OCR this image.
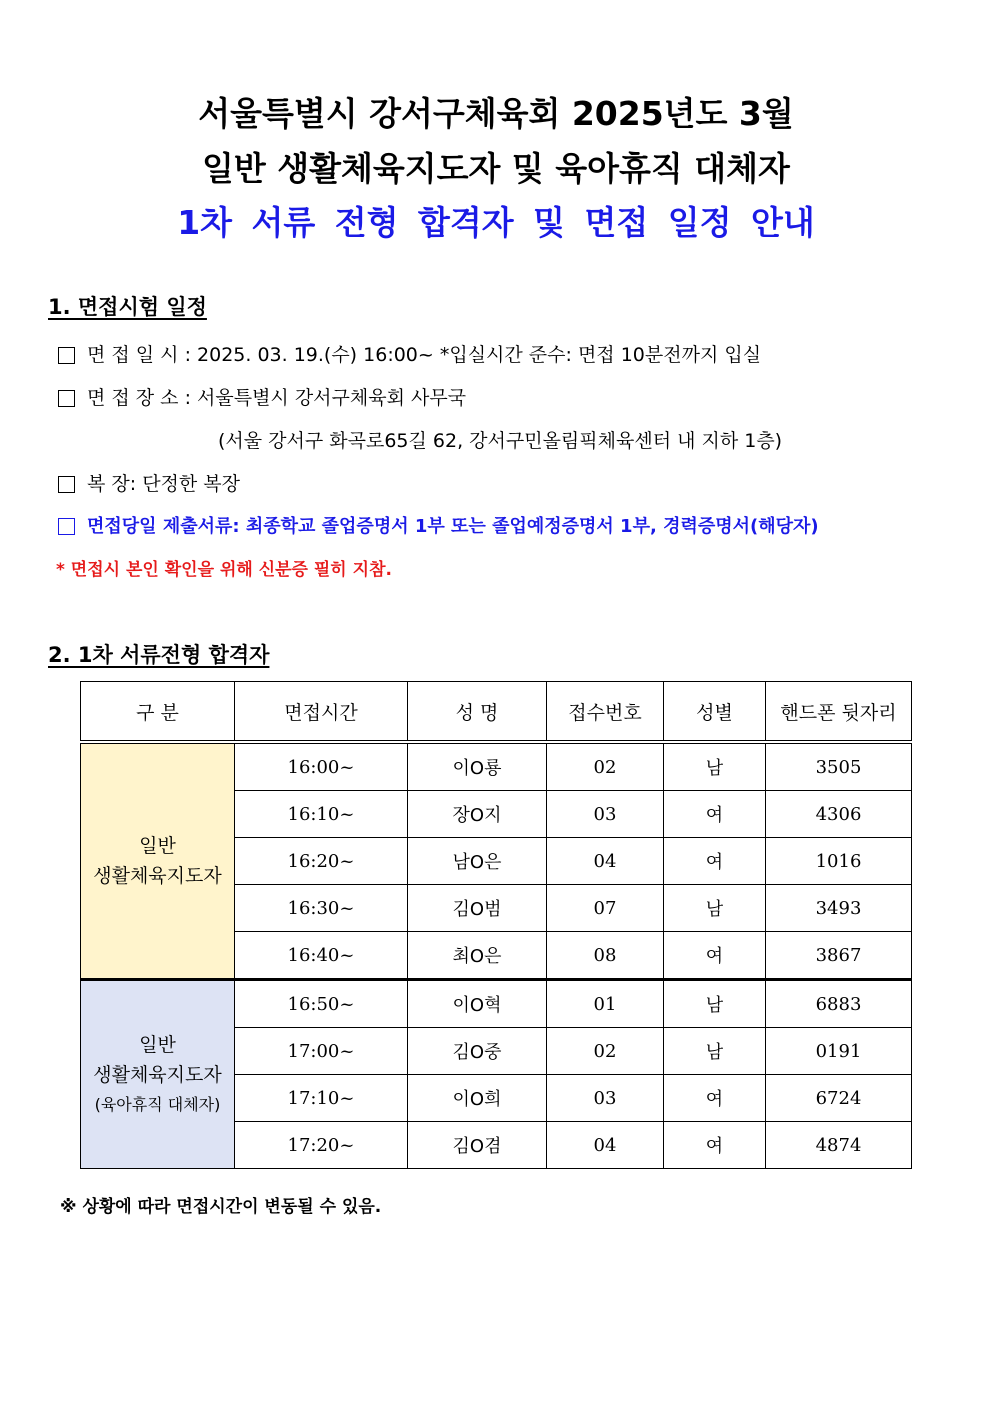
서울특별시 강서구체육회 2025년도 3월
일반 생활체육지도자 및 육아휴직 대체자
1차 서류 전형 합격자 및 면접 일정 안내
1. 면접시험 일정
면 접 일 시 : 2025. 03. 19.(수) 16:00~ *입실시간 준수: 면접 10분전까지 입실
면 접 장 소 : 서울특별시 강서구체육회 사무국
(서울 강서구 화곡로65길 62, 강서구민올림픽체육센터 내 지하 1층)
복 장: 단정한 복장
면접당일 제출서류: 최종학교 졸업증명서 1부 또는 졸업예정증명서 1부, 경력증명서(해당자)
* 면접시 본인 확인을 위해 신분증 필히 지참.
2. 1차 서류전형 합격자
구 분	면접시간	성 명	접수번호	성별	핸드폰 뒷자리

일반
생활체육지도자	16:00~	이O룡	02	남	3505
	16:10~	장O지	03	여	4306
	16:20~	남O은	04	여	1016
	16:30~	김O범	07	남	3493
	16:40~	최O은	08	여	3867

일반
생활체육지도자
(육아휴직 대체자)	16:50~	이O혁	01	남	6883
	17:00~	김O중	02	남	0191
	17:10~	이O희	03	여	6724
	17:20~	김O겸	04	여	4874
※ 상황에 따라 면접시간이 변동될 수 있음.
